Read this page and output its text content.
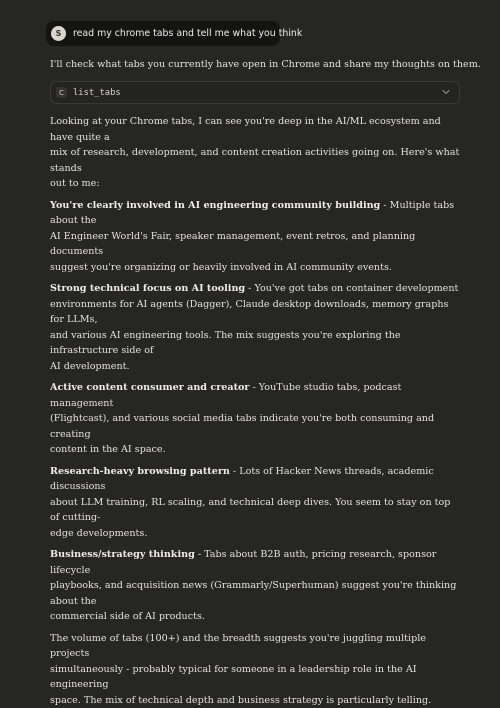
S	read my chrome tabs and tell me what you think

I'll check what tabs you currently have open in Chrome and share my thoughts on them.

C	list_tabs

Looking at your Chrome tabs, I can see you're deep in the AI/ML ecosystem and have quite a
mix of research, development, and content creation activities going on. Here's what stands
out to me:

You're clearly involved in AI engineering community building - Multiple tabs about the
AI Engineer World's Fair, speaker management, event retros, and planning documents
suggest you're organizing or heavily involved in AI community events.

Strong technical focus on AI tooling - You've got tabs on container development
environments for AI agents (Dagger), Claude desktop downloads, memory graphs for LLMs,
and various AI engineering tools. The mix suggests you're exploring the infrastructure side of
AI development.

Active content consumer and creator - YouTube studio tabs, podcast management
(Flightcast), and various social media tabs indicate you're both consuming and creating
content in the AI space.

Research-heavy browsing pattern - Lots of Hacker News threads, academic discussions
about LLM training, RL scaling, and technical deep dives. You seem to stay on top of cutting-
edge developments.

Business/strategy thinking - Tabs about B2B auth, pricing research, sponsor lifecycle
playbooks, and acquisition news (Grammarly/Superhuman) suggest you're thinking about the
commercial side of AI products.

The volume of tabs (100+) and the breadth suggests you're juggling multiple projects
simultaneously - probably typical for someone in a leadership role in the AI engineering
space. The mix of technical depth and business strategy is particularly telling.
